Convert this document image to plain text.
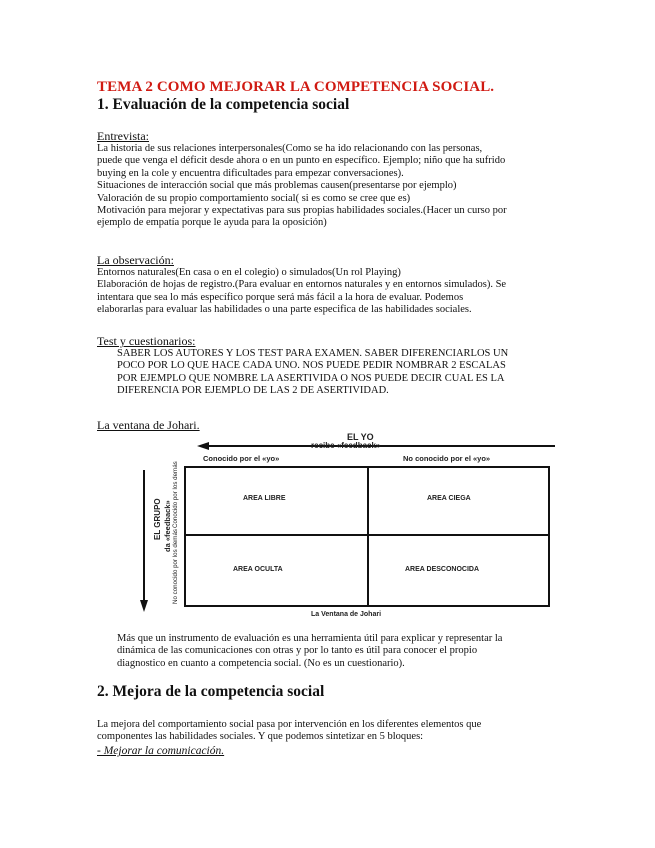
TEMA 2 COMO MEJORAR LA COMPETENCIA SOCIAL.
1. Evaluación de la competencia social
Entrevista:
La historia de sus relaciones interpersonales(Como se ha ido relacionando con las personas,
puede que venga el déficit desde ahora o en un punto en específico. Ejemplo; niño que ha sufrido
buying en la cole y encuentra dificultades para empezar conversaciones).
Situaciones de interacción social que más problemas causen(presentarse por ejemplo)
Valoración de su propio comportamiento social( si es como se cree que es)
Motivación para mejorar y expectativas para sus propias habilidades sociales.(Hacer un curso por
ejemplo de empatía porque le ayuda para la oposición)
La observación:
Entornos naturales(En casa o en el colegio) o simulados(Un rol Playing)
Elaboración de hojas de registro.(Para evaluar en entornos naturales y en entornos simulados). Se
intentara que sea lo más específico porque será más fácil a la hora de evaluar. Podemos
elaborarlas para evaluar las habilidades o una parte especifica de las habilidades sociales.
Test y cuestionarios:
SABER LOS AUTORES Y LOS TEST PARA EXAMEN. SABER DIFERENCIARLOS UN
POCO POR LO QUE HACE CADA UNO. NOS PUEDE PEDIR NOMBRAR 2 ESCALAS
POR EJEMPLO QUE NOMBRE LA ASERTIVIDA O NOS PUEDE DECIR CUAL ES LA
DIFERENCIA POR EJEMPLO DE LAS 2 DE ASERTIVIDAD.
La ventana de Johari.
EL YO
recibe «feedback»
Conocido por el «yo»	No conocido por el «yo»
EL GRUPO da «feedback» Conocido por los demás
No conocido por los demás
AREA LIBRE	AREA CIEGA
AREA OCULTA	AREA DESCONOCIDA
La Ventana de Johari
Más que un instrumento de evaluación es una herramienta útil para explicar y representar la
dinámica de las comunicaciones con otras y por lo tanto es útil para conocer el propio
diagnostico en cuanto a competencia social. (No es un cuestionario).
2. Mejora de la competencia social
La mejora del comportamiento social pasa por intervención en los diferentes elementos que
componentes las habilidades sociales. Y que podemos sintetizar en 5 bloques:
- Mejorar la comunicación.
